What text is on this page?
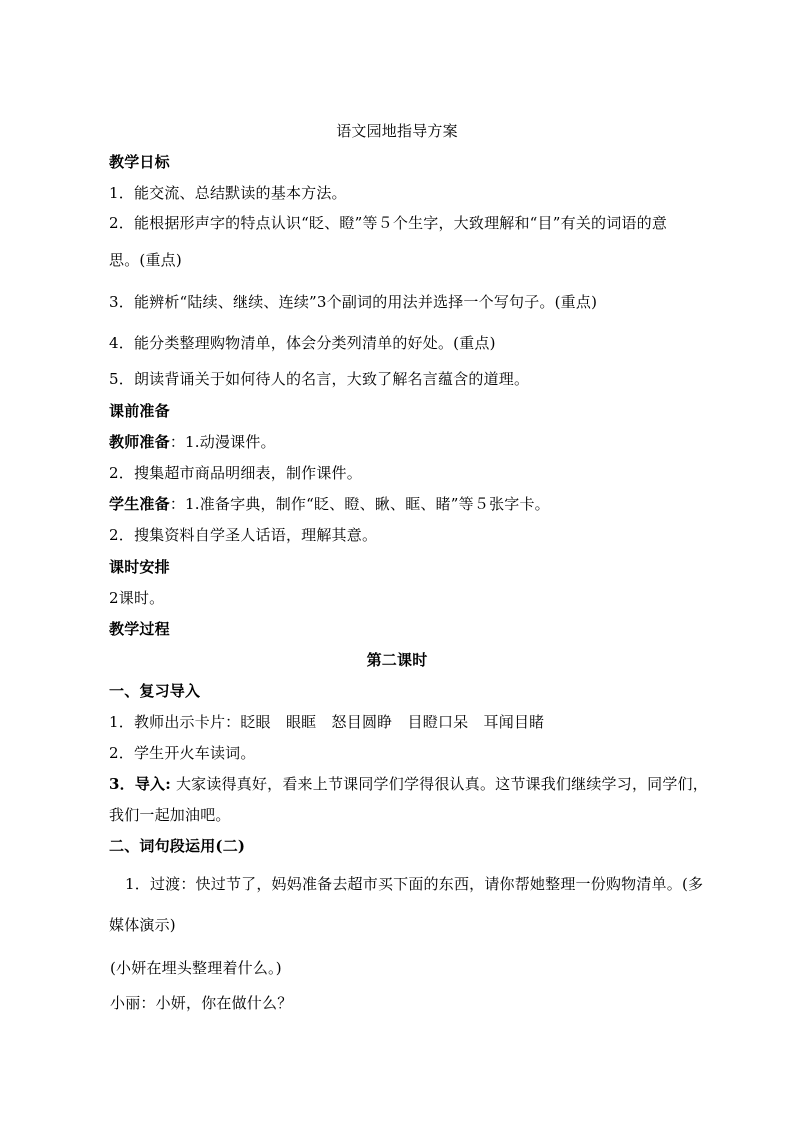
语文园地指导方案
教学日标
1．能交流、总结默读的基本方法。
2．能根据形声字的特点认识“眨、瞪”等５个生字，大致理解和“目”有关的词语的意
思。(重点)
3．能辨析“陆续、继续、连续”3个副词的用法并选择一个写句子。(重点)
4．能分类整理购物清单，体会分类列清单的好处。(重点)
5．朗读背诵关于如何待人的名言，大致了解名言蕴含的道理。
课前准备
教师准备：1.动漫课件。
2．搜集超市商品明细表，制作课件。
学生准备：1.准备字典，制作“眨、瞪、瞅、眶、睹”等５张字卡。
2．搜集资料自学圣人话语，理解其意。
课时安排
2课时。
教学过程
第二课时
一、复习导入
1．教师出示卡片：眨眼　眼眶　怒目圆睁　目瞪口呆　耳闻目睹
2．学生开火车读词。
3．导入: 大家读得真好，看来上节课同学们学得很认真。这节课我们继续学习，同学们，
我们一起加油吧。
二、词句段运用(二)
1．过渡：快过节了，妈妈准备去超市买下面的东西，请你帮她整理一份购物清单。(多
媒体演示)
(小妍在埋头整理着什么。)
小丽：小妍，你在做什么？
